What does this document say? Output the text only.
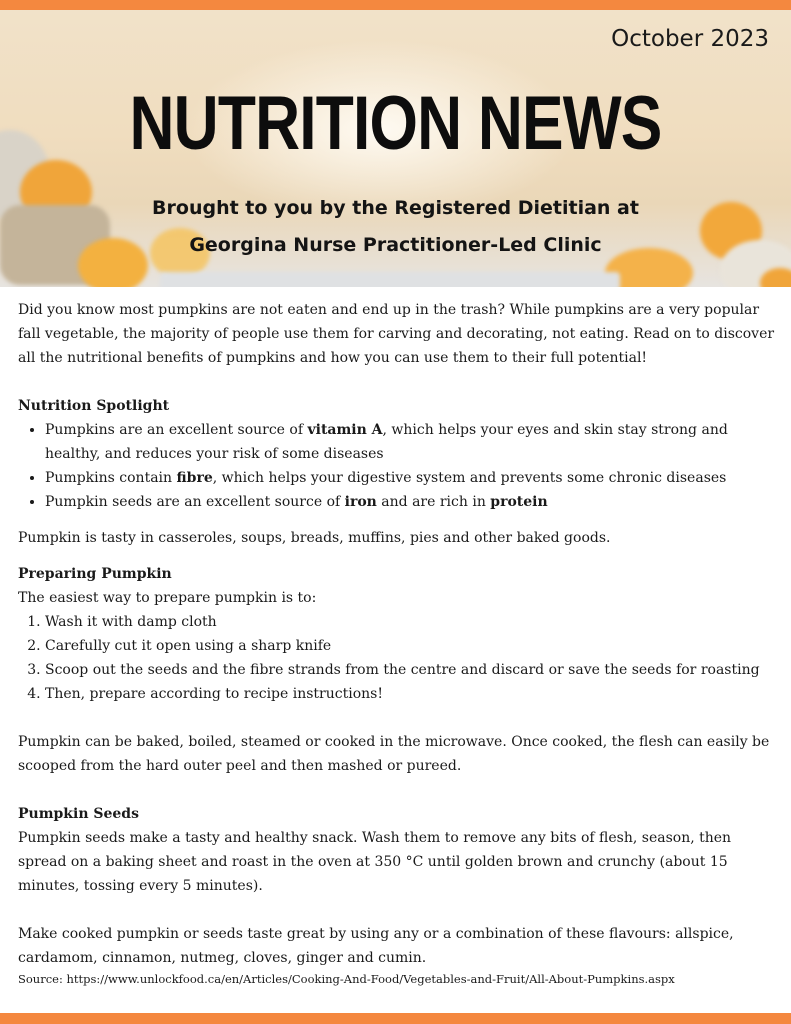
October 2023
NUTRITION NEWS
Brought to you by the Registered Dietitian at
Georgina Nurse Practitioner-Led Clinic

Did you know most pumpkins are not eaten and end up in the trash? While pumpkins are a very popular fall vegetable, the majority of people use them for carving and decorating, not eating. Read on to discover all the nutritional benefits of pumpkins and how you can use them to their full potential!

Nutrition Spotlight
• Pumpkins are an excellent source of vitamin A, which helps your eyes and skin stay strong and healthy, and reduces your risk of some diseases
• Pumpkins contain fibre, which helps your digestive system and prevents some chronic diseases
• Pumpkin seeds are an excellent source of iron and are rich in protein

Pumpkin is tasty in casseroles, soups, breads, muffins, pies and other baked goods.

Preparing Pumpkin

The easiest way to prepare pumpkin is to:

1. Wash it with damp cloth
2. Carefully cut it open using a sharp knife
3. Scoop out the seeds and the fibre strands from the centre and discard or save the seeds for roasting
4. Then, prepare according to recipe instructions!

Pumpkin can be baked, boiled, steamed or cooked in the microwave. Once cooked, the flesh can easily be scooped from the hard outer peel and then mashed or pureed.

Pumpkin Seeds

Pumpkin seeds make a tasty and healthy snack. Wash them to remove any bits of flesh, season, then spread on a baking sheet and roast in the oven at 350 °C until golden brown and crunchy (about 15 minutes, tossing every 5 minutes).

Make cooked pumpkin or seeds taste great by using any or a combination of these flavours: allspice, cardamom, cinnamon, nutmeg, cloves, ginger and cumin.

Source: https://www.unlockfood.ca/en/Articles/Cooking-And-Food/Vegetables-and-Fruit/All-About-Pumpkins.aspx
